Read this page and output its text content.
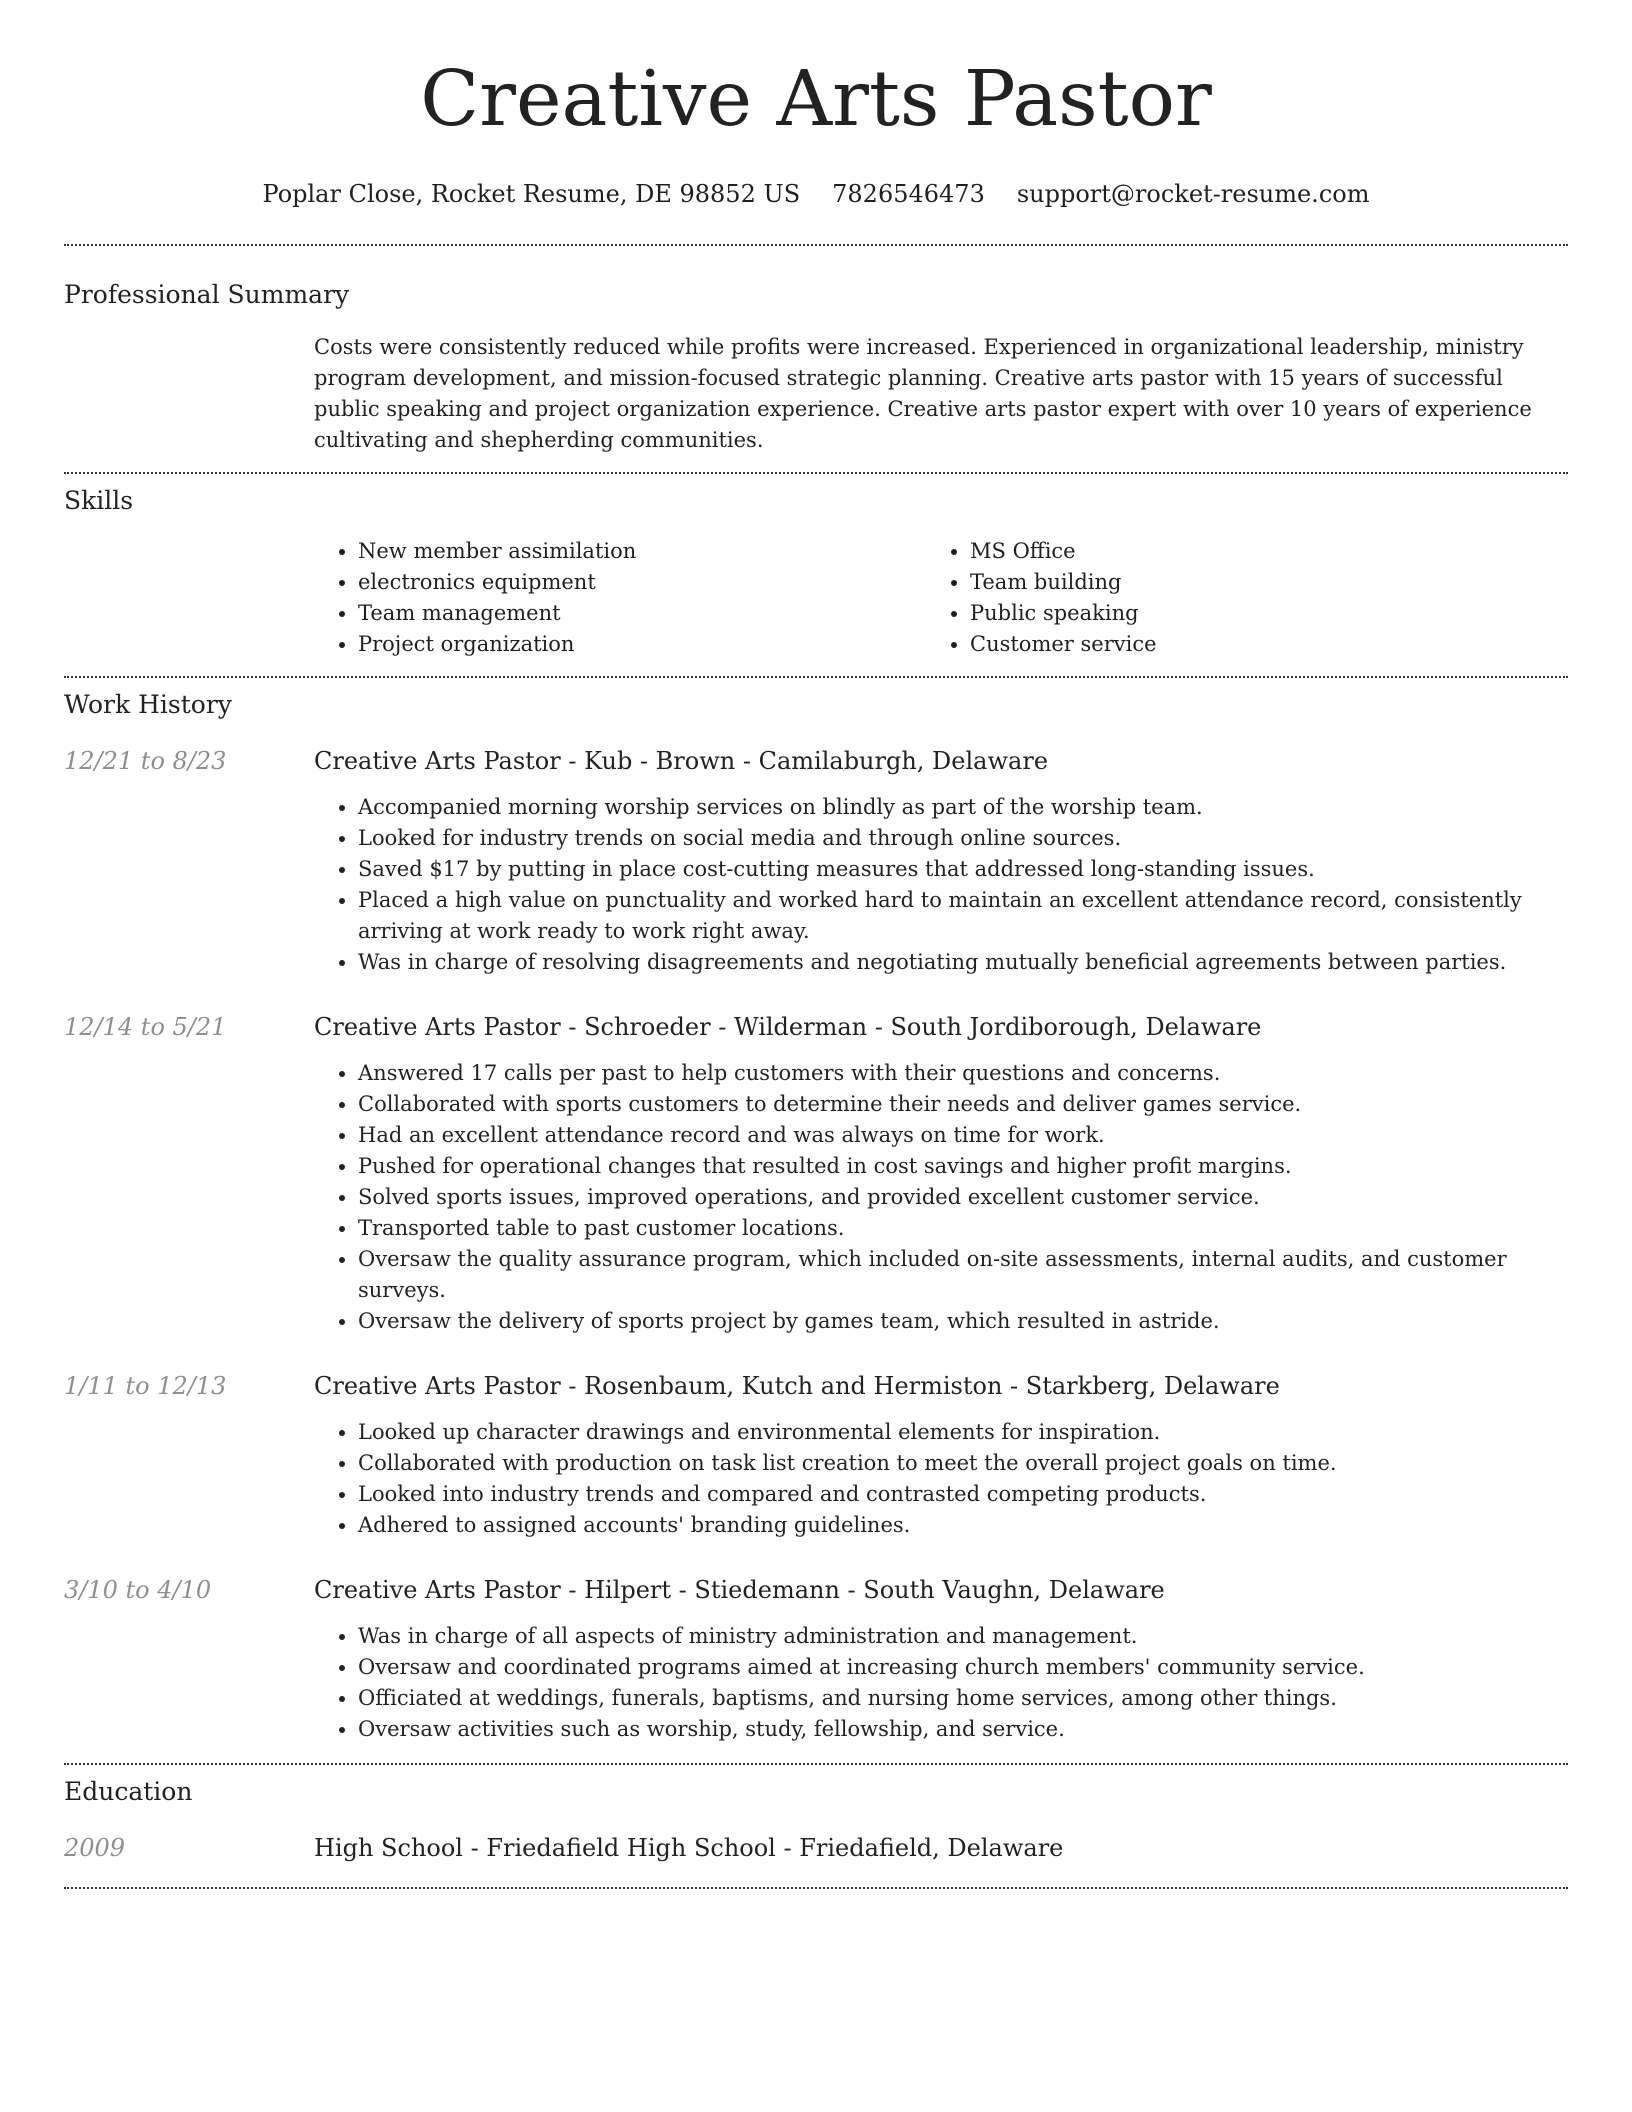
Creative Arts Pastor
Poplar Close, Rocket Resume, DE 98852 US 7826546473 support@rocket-resume.com
Professional Summary

Costs were consistently reduced while profits were increased. Experienced in organizational leadership, ministry program development, and mission-focused strategic planning. Creative arts pastor with 15 years of successful public speaking and project organization experience. Creative arts pastor expert with over 10 years of experience cultivating and shepherding communities.

Skills
• New member assimilation
• electronics equipment
• Team management
• Project organization
• MS Office
• Team building
• Public speaking
• Customer service
Work History
12/21 to 8/23	Creative Arts Pastor - Kub - Brown - Camilaburgh, Delaware
• Accompanied morning worship services on blindly as part of the worship team.
• Looked for industry trends on social media and through online sources.
• Saved $17 by putting in place cost-cutting measures that addressed long-standing issues.
• Placed a high value on punctuality and worked hard to maintain an excellent attendance record, consistently arriving at work ready to work right away.
• Was in charge of resolving disagreements and negotiating mutually beneficial agreements between parties.
12/14 to 5/21	Creative Arts Pastor - Schroeder - Wilderman - South Jordiborough, Delaware
• Answered 17 calls per past to help customers with their questions and concerns.
• Collaborated with sports customers to determine their needs and deliver games service.
• Had an excellent attendance record and was always on time for work.
• Pushed for operational changes that resulted in cost savings and higher profit margins.
• Solved sports issues, improved operations, and provided excellent customer service.
• Transported table to past customer locations.
• Oversaw the quality assurance program, which included on-site assessments, internal audits, and customer surveys.
• Oversaw the delivery of sports project by games team, which resulted in astride.
1/11 to 12/13	Creative Arts Pastor - Rosenbaum, Kutch and Hermiston - Starkberg, Delaware
• Looked up character drawings and environmental elements for inspiration.
• Collaborated with production on task list creation to meet the overall project goals on time.
• Looked into industry trends and compared and contrasted competing products.
• Adhered to assigned accounts' branding guidelines.
3/10 to 4/10	Creative Arts Pastor - Hilpert - Stiedemann - South Vaughn, Delaware
• Was in charge of all aspects of ministry administration and management.
• Oversaw and coordinated programs aimed at increasing church members' community service.
• Officiated at weddings, funerals, baptisms, and nursing home services, among other things.
• Oversaw activities such as worship, study, fellowship, and service.
Education
2009	High School - Friedafield High School - Friedafield, Delaware
